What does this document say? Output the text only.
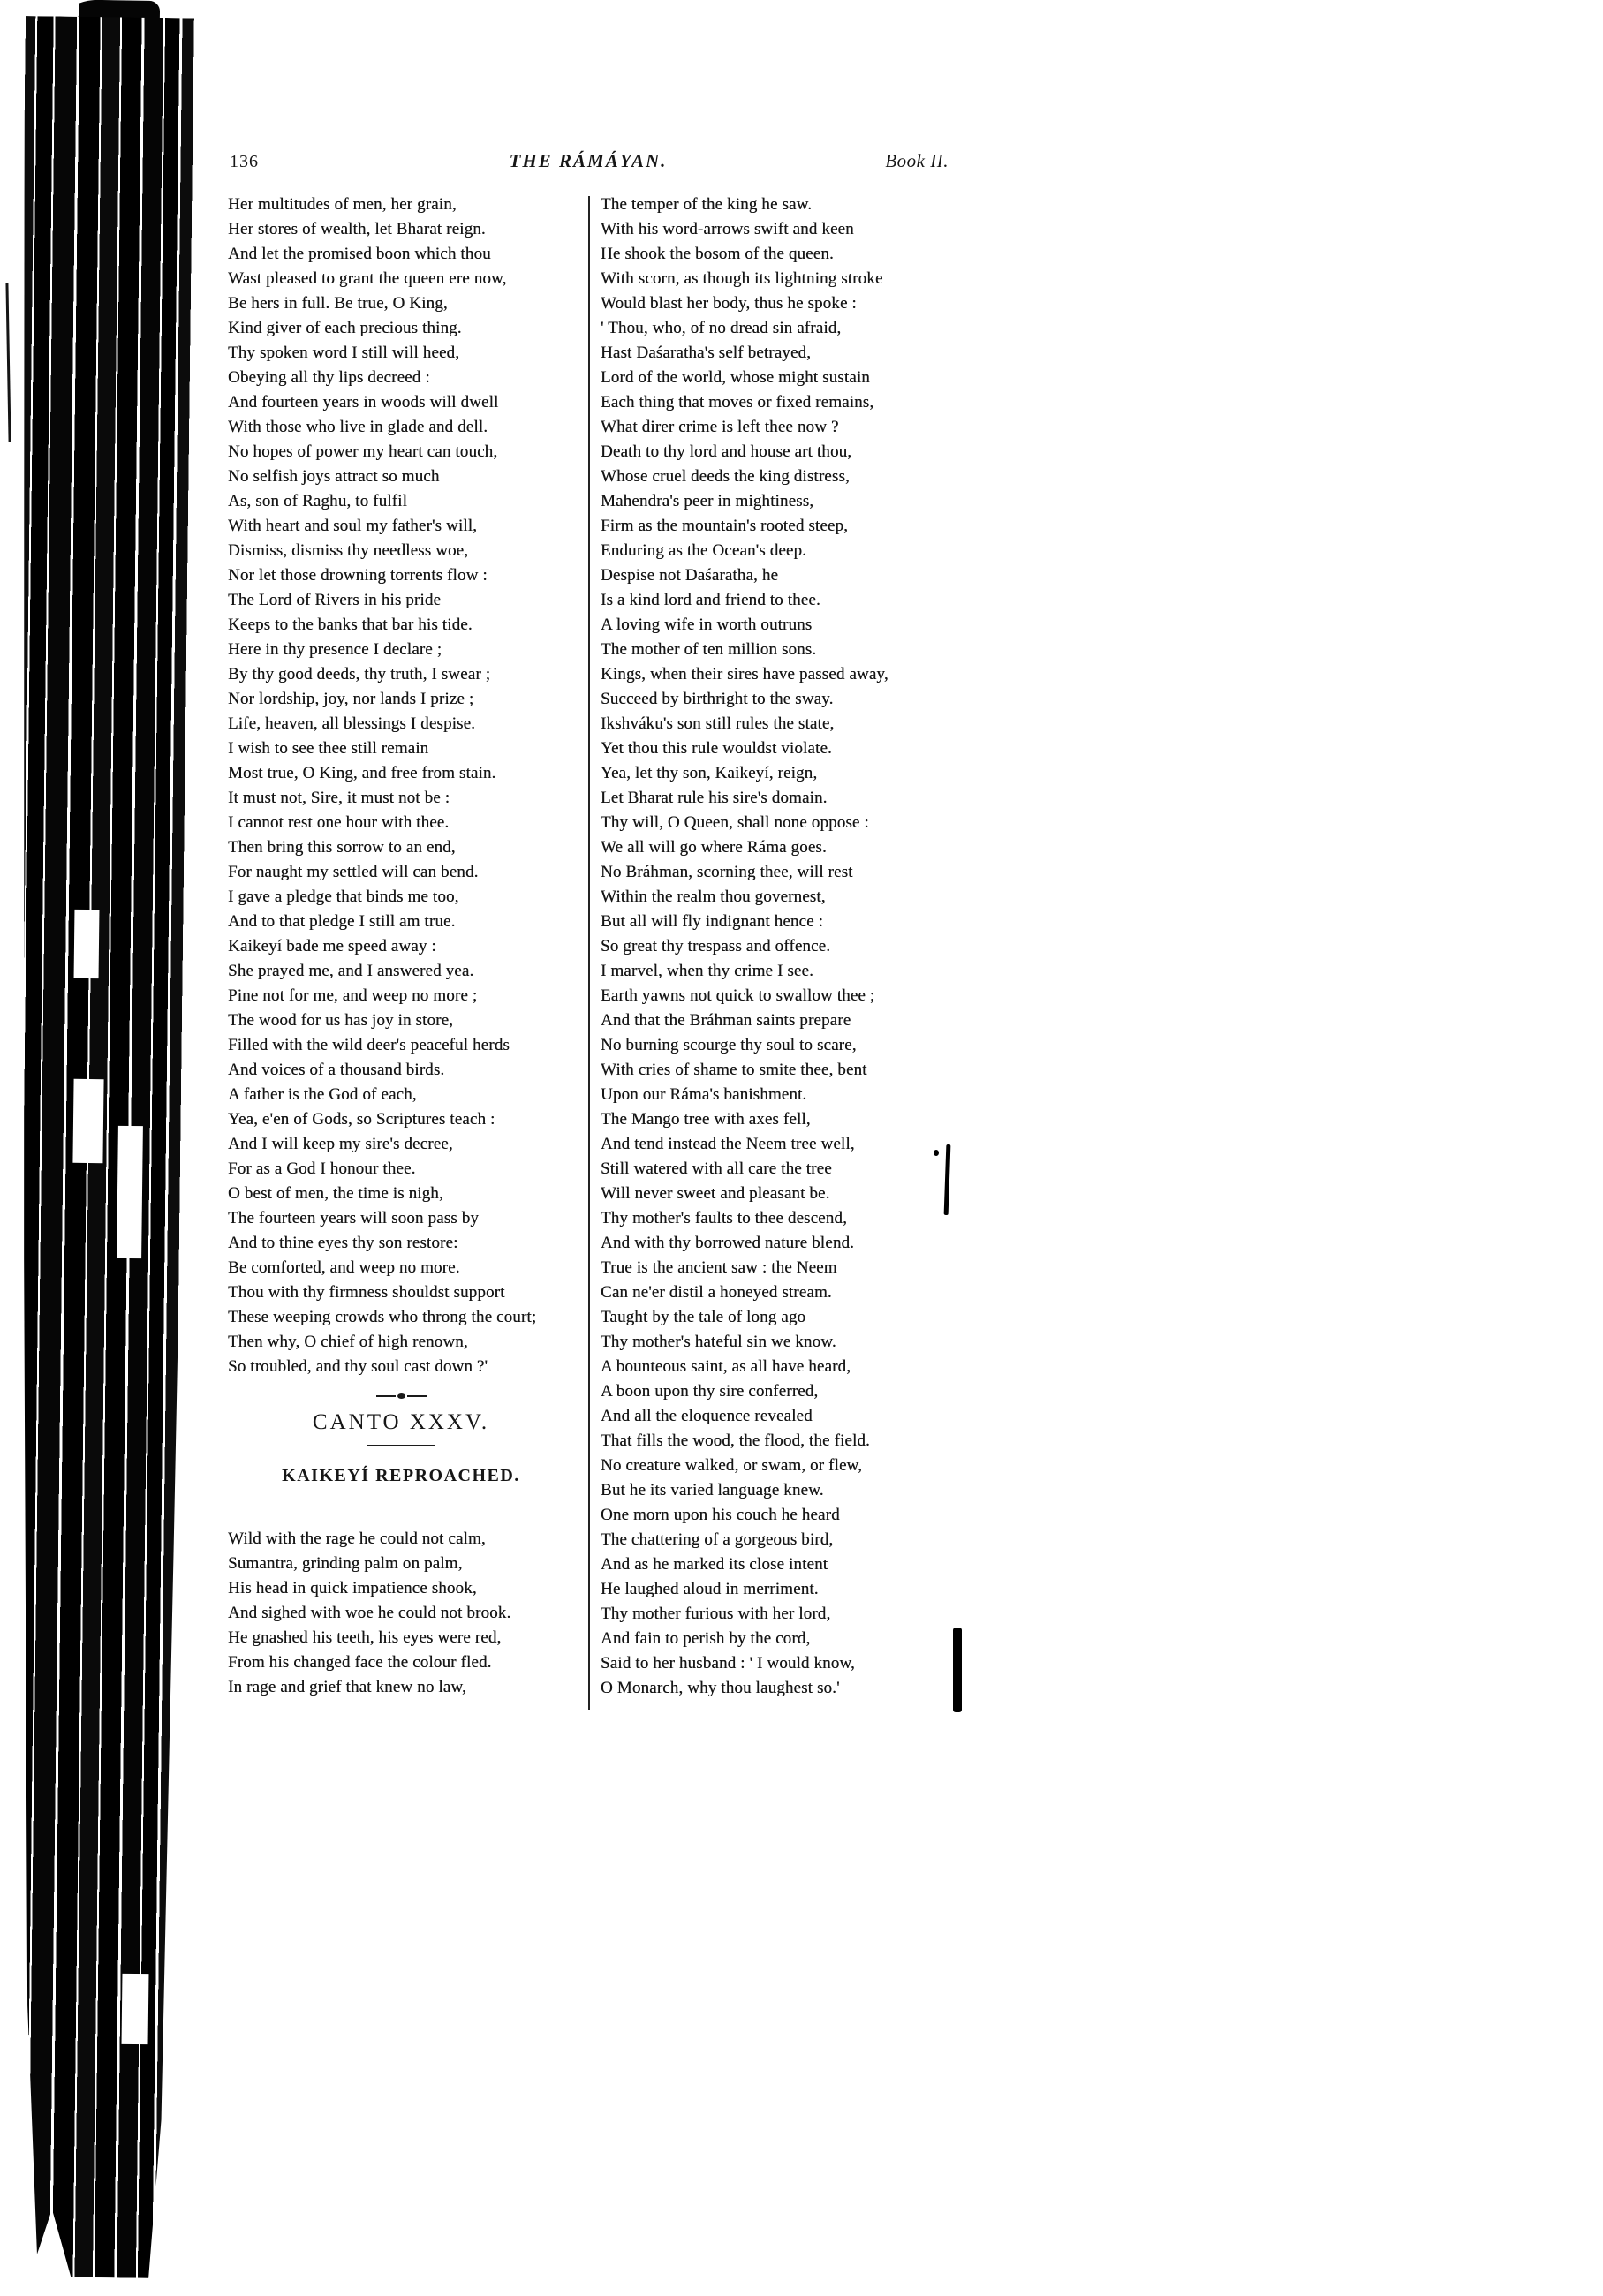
136	THE RÁMÁYAN.	Book II.
Her multitudes of men, her grain,
Her stores of wealth, let Bharat reign.
And let the promised boon which thou
Wast pleased to grant the queen ere now,
Be hers in full. Be true, O King,
Kind giver of each precious thing.
Thy spoken word I still will heed,
Obeying all thy lips decreed :
And fourteen years in woods will dwell
With those who live in glade and dell.
No hopes of power my heart can touch,
No selfish joys attract so much
As, son of Raghu, to fulfil
With heart and soul my father's will,
Dismiss, dismiss thy needless woe,
Nor let those drowning torrents flow :
The Lord of Rivers in his pride
Keeps to the banks that bar his tide.
Here in thy presence I declare ;
By thy good deeds, thy truth, I swear ;
Nor lordship, joy, nor lands I prize ;
Life, heaven, all blessings I despise.
I wish to see thee still remain
Most true, O King, and free from stain.
It must not, Sire, it must not be :
I cannot rest one hour with thee.
Then bring this sorrow to an end,
For naught my settled will can bend.
I gave a pledge that binds me too,
And to that pledge I still am true.
Kaikeyí bade me speed away :
She prayed me, and I answered yea.
Pine not for me, and weep no more ;
The wood for us has joy in store,
Filled with the wild deer's peaceful herds
And voices of a thousand birds.
A father is the God of each,
Yea, e'en of Gods, so Scriptures teach :
And I will keep my sire's decree,
For as a God I honour thee.
O best of men, the time is nigh,
The fourteen years will soon pass by
And to thine eyes thy son restore:
Be comforted, and weep no more.
Thou with thy firmness shouldst support
These weeping crowds who throng the court;
Then why, O chief of high renown,
So troubled, and thy soul cast down ?'
CANTO XXXV.
KAIKEYÍ REPROACHED.
Wild with the rage he could not calm,
Sumantra, grinding palm on palm,
His head in quick impatience shook,
And sighed with woe he could not brook.
He gnashed his teeth, his eyes were red,
From his changed face the colour fled.
In rage and grief that knew no law,
The temper of the king he saw.
With his word-arrows swift and keen
He shook the bosom of the queen.
With scorn, as though its lightning stroke
Would blast her body, thus he spoke :
' Thou, who, of no dread sin afraid,
Hast Daśaratha's self betrayed,
Lord of the world, whose might sustain
Each thing that moves or fixed remains,
What direr crime is left thee now ?
Death to thy lord and house art thou,
Whose cruel deeds the king distress,
Mahendra's peer in mightiness,
Firm as the mountain's rooted steep,
Enduring as the Ocean's deep.
Despise not Daśaratha, he
Is a kind lord and friend to thee.
A loving wife in worth outruns
The mother of ten million sons.
Kings, when their sires have passed away,
Succeed by birthright to the sway.
Ikshváku's son still rules the state,
Yet thou this rule wouldst violate.
Yea, let thy son, Kaikeyí, reign,
Let Bharat rule his sire's domain.
Thy will, O Queen, shall none oppose :
We all will go where Ráma goes.
No Bráhman, scorning thee, will rest
Within the realm thou governest,
But all will fly indignant hence :
So great thy trespass and offence.
I marvel, when thy crime I see.
Earth yawns not quick to swallow thee ;
And that the Bráhman saints prepare
No burning scourge thy soul to scare,
With cries of shame to smite thee, bent
Upon our Ráma's banishment.
The Mango tree with axes fell,
And tend instead the Neem tree well,
Still watered with all care the tree
Will never sweet and pleasant be.
Thy mother's faults to thee descend,
And with thy borrowed nature blend.
True is the ancient saw : the Neem
Can ne'er distil a honeyed stream.
Taught by the tale of long ago
Thy mother's hateful sin we know.
A bounteous saint, as all have heard,
A boon upon thy sire conferred,
And all the eloquence revealed
That fills the wood, the flood, the field.
No creature walked, or swam, or flew,
But he its varied language knew.
One morn upon his couch he heard
The chattering of a gorgeous bird,
And as he marked its close intent
He laughed aloud in merriment.
Thy mother furious with her lord,
And fain to perish by the cord,
Said to her husband : ' I would know,
O Monarch, why thou laughest so.'
